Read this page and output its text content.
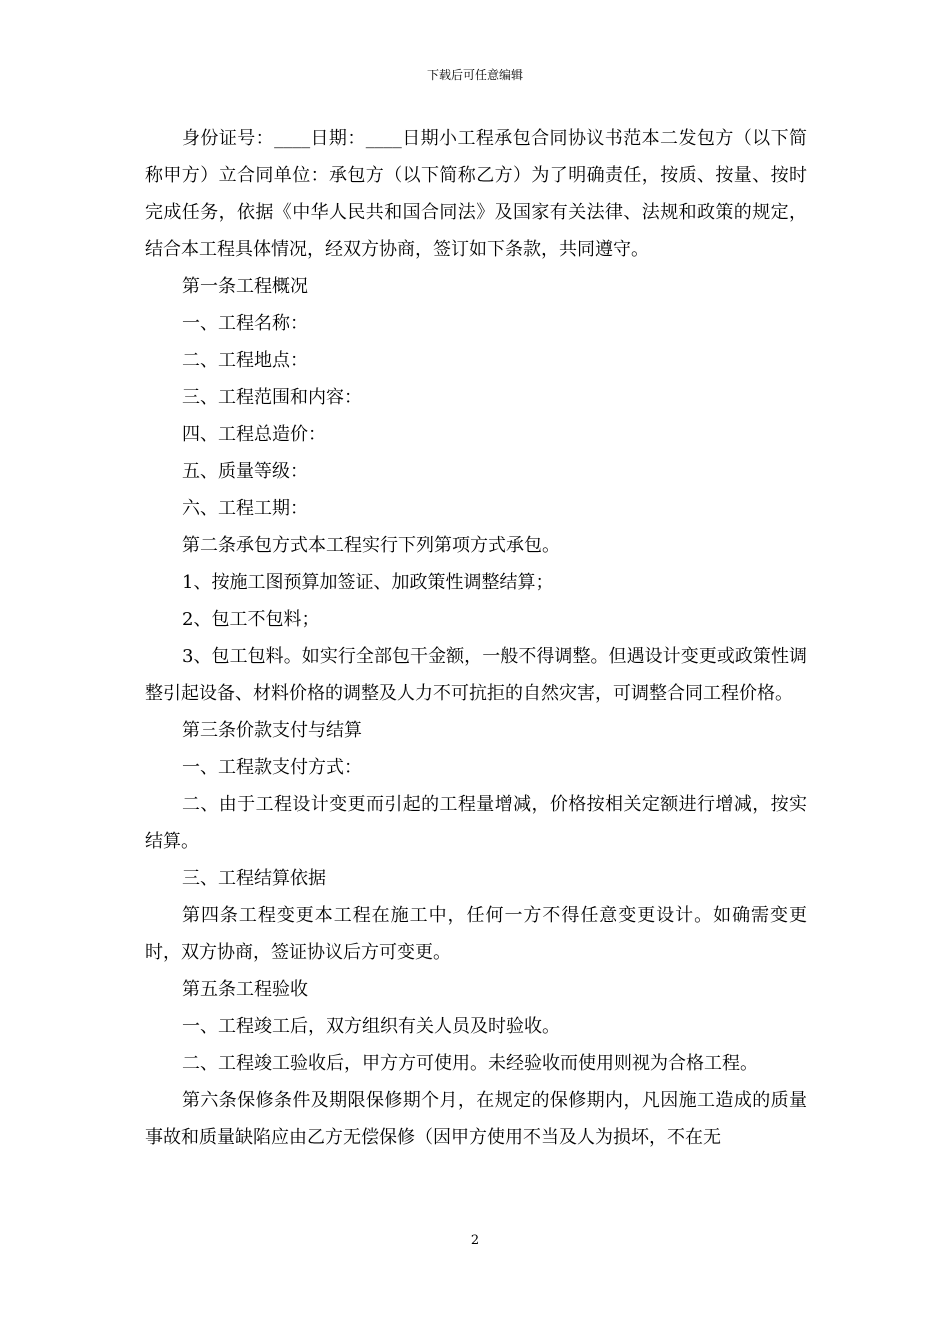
下载后可任意编辑

身份证号：____日期：____日期小工程承包合同协议书范本二发包方（以下简称甲方）立合同单位：承包方（以下简称乙方）为了明确责任，按质、按量、按时完成任务，依据《中华人民共和国合同法》及国家有关法律、法规和政策的规定，结合本工程具体情况，经双方协商，签订如下条款，共同遵守。

第一条工程概况

一、工程名称：

二、工程地点：

三、工程范围和内容：

四、工程总造价：

五、质量等级：

六、工程工期：

第二条承包方式本工程实行下列第项方式承包。

1、按施工图预算加签证、加政策性调整结算；

2、包工不包料；

3、包工包料。如实行全部包干金额，一般不得调整。但遇设计变更或政策性调整引起设备、材料价格的调整及人力不可抗拒的自然灾害，可调整合同工程价格。

第三条价款支付与结算

一、工程款支付方式：

二、由于工程设计变更而引起的工程量增减，价格按相关定额进行增减，按实结算。

三、工程结算依据

第四条工程变更本工程在施工中，任何一方不得任意变更设计。如确需变更时，双方协商，签证协议后方可变更。

第五条工程验收

一、工程竣工后，双方组织有关人员及时验收。

二、工程竣工验收后，甲方方可使用。未经验收而使用则视为合格工程。

第六条保修条件及期限保修期个月，在规定的保修期内，凡因施工造成的质量事故和质量缺陷应由乙方无偿保修（因甲方使用不当及人为损坏，不在无

2
